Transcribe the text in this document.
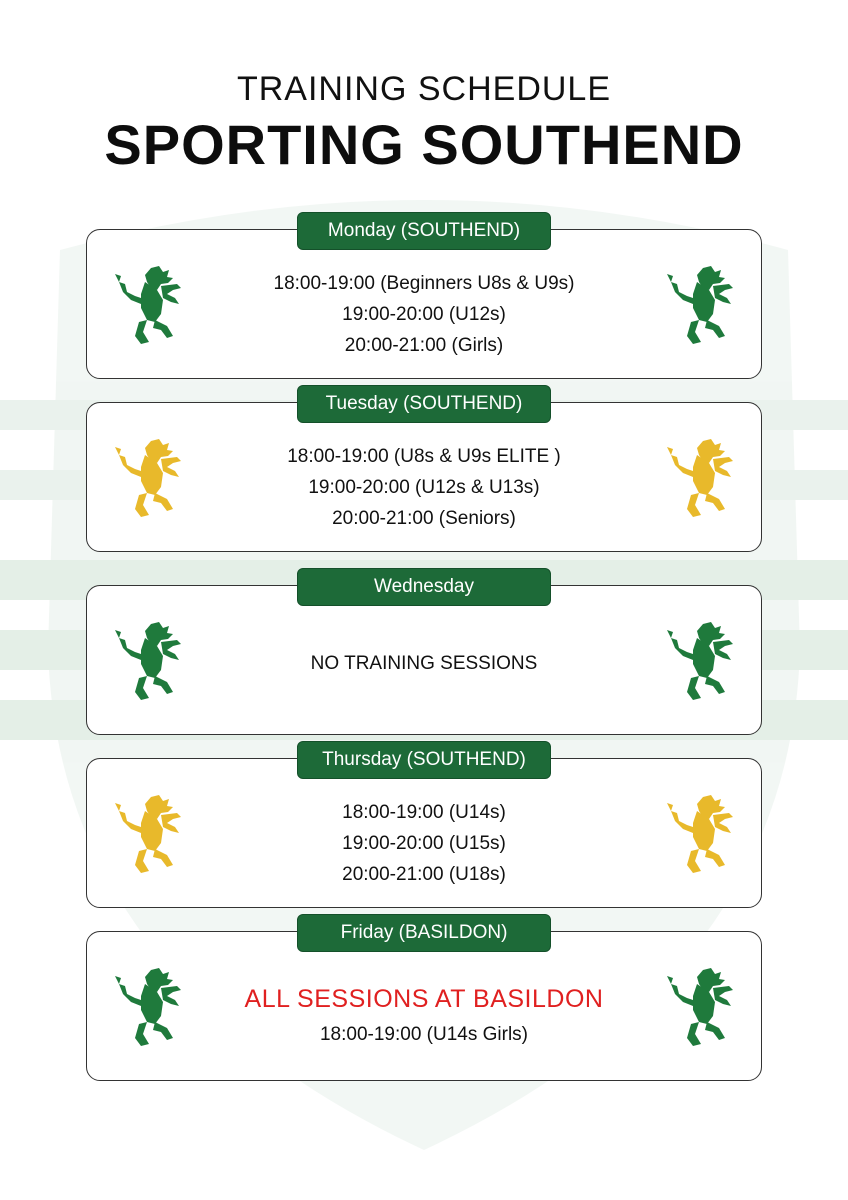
TRAINING SCHEDULE
SPORTING SOUTHEND
Monday (SOUTHEND)
18:00-19:00 (Beginners U8s & U9s)
19:00-20:00 (U12s)
20:00-21:00 (Girls)
Tuesday (SOUTHEND)
18:00-19:00 (U8s & U9s ELITE )
19:00-20:00 (U12s & U13s)
20:00-21:00 (Seniors)
Wednesday
NO TRAINING SESSIONS
Thursday (SOUTHEND)
18:00-19:00 (U14s)
19:00-20:00 (U15s)
20:00-21:00 (U18s)
Friday (BASILDON)
ALL SESSIONS AT BASILDON
18:00-19:00 (U14s Girls)
